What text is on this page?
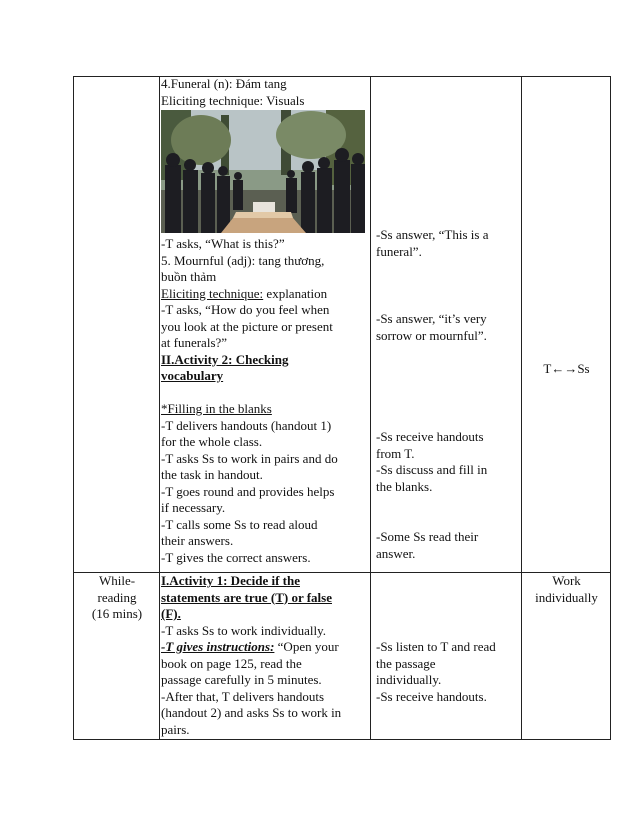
4.Funeral (n): Đám tang
Eliciting technique: Visuals
-T asks, “What is this?”
5. Mournful (adj): tang thương,
buồn thảm
Eliciting technique: explanation
-T asks, “How do you feel when
you look at the picture or present
at funerals?”
II.Activity 2: Checking
vocabulary
*Filling in the blanks
-T delivers handouts (handout 1)
for the whole class.
-T asks Ss to work in pairs and do
the task in handout.
-T goes round and provides helps
if necessary.
-T calls some Ss to read aloud
their answers.
-T gives the correct answers.
-Ss answer, “This is a
funeral”.
-Ss answer, “it’s very
sorrow or mournful”.
-Ss receive handouts
from T.
-Ss discuss and fill in
the blanks.
-Some Ss read their
answer.
T←→Ss
While-
reading
(16 mins)
I.Activity 1: Decide if the
statements are true (T) or false
(F).
-T asks Ss to work individually.
-T gives instructions: “Open your
book on page 125, read the
passage carefully in 5 minutes.
-After that, T delivers handouts
(handout 2) and asks Ss to work in
pairs.
-Ss listen to T and read
the passage
individually.
-Ss receive handouts.
Work
individually
